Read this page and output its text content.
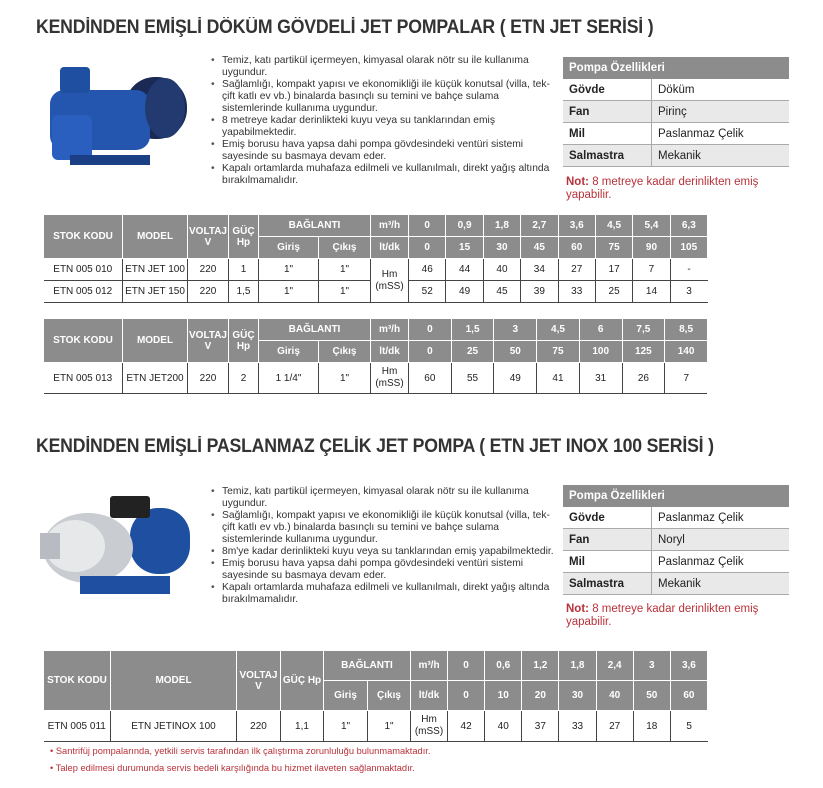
KENDİNDEN EMİŞLİ DÖKÜM GÖVDELİ JET POMPALAR ( ETN JET SERİSİ )
• Temiz, katı partikül içermeyen, kimyasal olarak nötr su ile kullanıma uygundur.
• Sağlamlığı, kompakt yapısı ve ekonomikliği ile küçük konutsal (villa, tek-çift katlı ev vb.) binalarda basınçlı su temini ve bahçe sulama sistemlerinde kullanıma uygundur.
• 8 metreye kadar derinlikteki kuyu veya su tanklarından emiş yapabilmektedir.
• Emiş borusu hava yapsa dahi pompa gövdesindeki ventüri sistemi sayesinde su basmaya devam eder.
• Kapalı ortamlarda muhafaza edilmeli ve kullanılmalı, direkt yağış altında bırakılmamalıdır.
Pompa Özellikleri	
Gövde	Döküm
Fan	Pirinç
Mil	Paslanmaz Çelik
Salmastra	Mekanik
Not: 8 metreye kadar derinlikten emiş yapabilir.
STOK KODU	MODEL	VOLTAJ V	GÜÇ Hp	BAĞLANTI		m³/h	0	0,9	1,8	2,7	3,6	4,5	5,4	6,3
				Giriş	Çıkış	lt/dk	0	15	30	45	60	75	90	105
ETN 005 010	ETN JET 100	220	1	1"	1"	Hm (mSS)	46	44	40	34	27	17	7	-
ETN 005 012	ETN JET 150	220	1,5	1"	1"		52	49	45	39	33	25	14	3
STOK KODU	MODEL	VOLTAJ V	GÜÇ Hp	BAĞLANTI		m³/h	0	1,5	3	4,5	6	7,5	8,5
				Giriş	Çıkış	lt/dk	0	25	50	75	100	125	140
ETN 005 013	ETN JET200	220	2	1 1/4"	1"	Hm (mSS)	60	55	49	41	31	26	7
KENDİNDEN EMİŞLİ PASLANMAZ ÇELİK JET POMPA ( ETN JET INOX 100 SERİSİ )
• Temiz, katı partikül içermeyen, kimyasal olarak nötr su ile kullanıma uygundur.
• Sağlamlığı, kompakt yapısı ve ekonomikliği ile küçük konutsal (villa, tek-çift katlı ev vb.) binalarda basınçlı su temini ve bahçe sulama sistemlerinde kullanıma uygundur.
• 8m'ye kadar derinlikteki kuyu veya su tanklarından emiş yapabilmektedir.
• Emiş borusu hava yapsa dahi pompa gövdesindeki ventüri sistemi sayesinde su basmaya devam eder.
• Kapalı ortamlarda muhafaza edilmeli ve kullanılmalı, direkt yağış altında bırakılmamalıdır.
Pompa Özellikleri	
Gövde	Paslanmaz Çelik
Fan	Noryl
Mil	Paslanmaz Çelik
Salmastra	Mekanik
Not: 8 metreye kadar derinlikten emiş yapabilir.
STOK KODU	MODEL	VOLTAJ V	GÜÇ Hp	BAĞLANTI		m³/h	0	0,6	1,2	1,8	2,4	3	3,6
				Giriş	Çıkış	lt/dk	0	10	20	30	40	50	60
ETN 005 011	ETN JETINOX 100	220	1,1	1"	1"	Hm (mSS)	42	40	37	33	27	18	5
• Santrifüj pompalarında, yetkili servis tarafından ilk çalıştırma zorunluluğu bulunmamaktadır.
• Talep edilmesi durumunda servis bedeli karşılığında bu hizmet ilaveten sağlanmaktadır.
